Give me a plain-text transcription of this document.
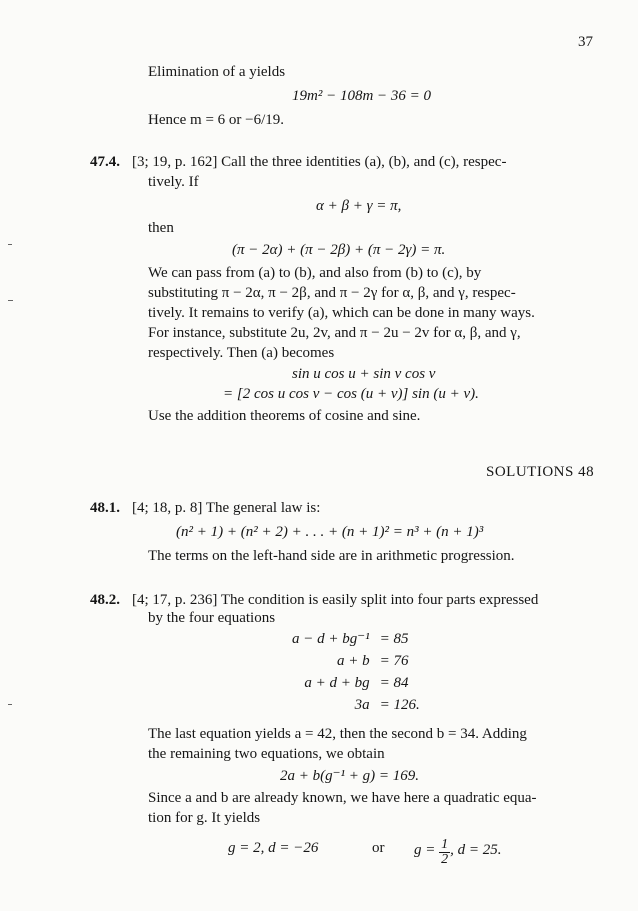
37
Elimination of a yields
19m² − 108m − 36 = 0
Hence m = 6 or −6/19.
47.4. [3; 19, p. 162] Call the three identities (a), (b), and (c), respec-
tively. If
α + β + γ = π,
then
(π − 2α) + (π − 2β) + (π − 2γ) = π.
We can pass from (a) to (b), and also from (b) to (c), by
substituting π − 2α, π − 2β, and π − 2γ for α, β, and γ, respec-
tively. It remains to verify (a), which can be done in many ways.
For instance, substitute 2u, 2v, and π − 2u − 2v for α, β, and γ,
respectively. Then (a) becomes
sin u cos u + sin v cos v
= [2 cos u cos v − cos (u + v)] sin (u + v).
Use the addition theorems of cosine and sine.
SOLUTIONS 48
48.1. [4; 18, p. 8] The general law is:
(n² + 1) + (n² + 2) + . . . + (n + 1)² = n³ + (n + 1)³
The terms on the left-hand side are in arithmetic progression.
48.2. [4; 17, p. 236] The condition is easily split into four parts expressed
by the four equations
a − d + bg⁻¹	= 85
a + b	= 76
a + d + bg	= 84
3a	= 126.
The last equation yields a = 42, then the second b = 34. Adding
the remaining two equations, we obtain
2a + b(g⁻¹ + g) = 169.
Since a and b are already known, we have here a quadratic equa-
tion for g. It yields
g = 2, d = −26	or $g = \frac{1}{2}$ , d = 25.
